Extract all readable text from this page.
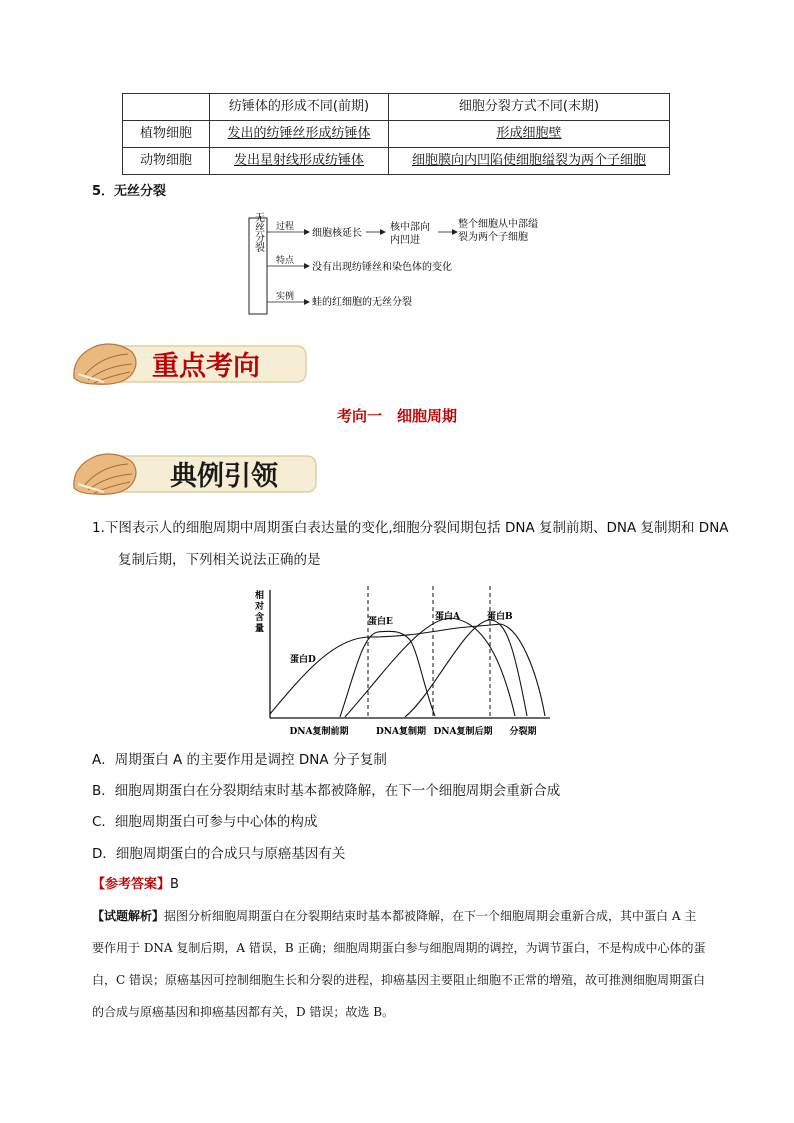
	纺锤体的形成不同(前期)	细胞分裂方式不同(末期)
植物细胞	发出的纺锤丝形成纺锤体	形成细胞壁
动物细胞	发出星射线形成纺锤体	细胞膜向内凹陷使细胞缢裂为两个子细胞
5．无丝分裂
无丝分裂 过程
特点
实例
细胞核延长
核中部向
内凹进
整个细胞从中部缢
裂为两个子细胞
没有出现纺锤丝和染色体的变化
蛙的红细胞的无丝分裂
重点考向
考向一　细胞周期
典例引领
1.下图表示人的细胞周期中周期蛋白表达量的变化,细胞分裂间期包括 DNA 复制前期、DNA 复制期和 DNA
复制后期，下列相关说法正确的是
相
对
含
量
蛋白D
蛋白E	蛋白A	蛋白B
DNA复制前期	DNA复制期 DNA复制后期 分裂期
A．周期蛋白 A 的主要作用是调控 DNA 分子复制
B．细胞周期蛋白在分裂期结束时基本都被降解，在下一个细胞周期会重新合成
C．细胞周期蛋白可参与中心体的构成
D．细胞周期蛋白的合成只与原癌基因有关
【参考答案】B
【试题解析】据图分析细胞周期蛋白在分裂期结束时基本都被降解，在下一个细胞周期会重新合成，其中蛋白 A 主要作用于 DNA 复制后期，A 错误，B 正确；细胞周期蛋白参与细胞周期的调控，为调节蛋白，不是构成中心体的蛋白，C 错误；原癌基因可控制细胞生长和分裂的进程，抑癌基因主要阻止细胞不正常的增殖，故可推测细胞周期蛋白的合成与原癌基因和抑癌基因都有关，D 错误；故选 B。
